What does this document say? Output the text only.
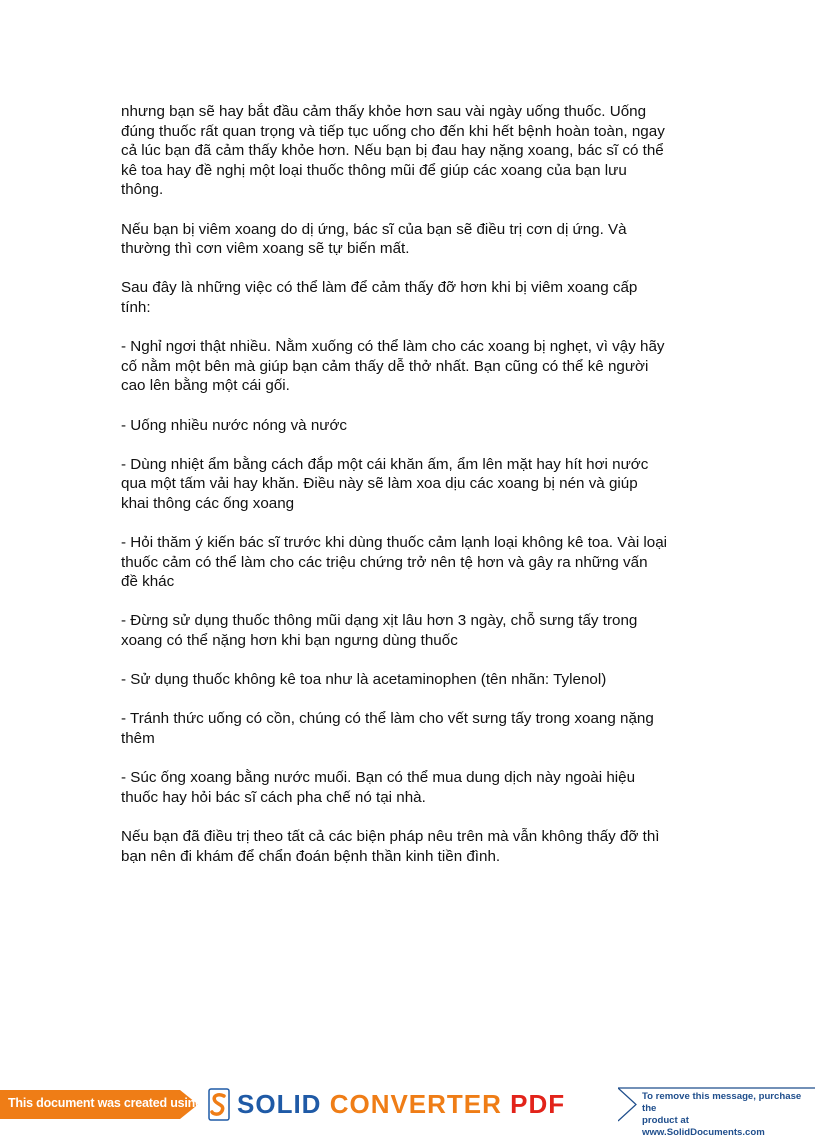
nhưng bạn sẽ hay bắt đầu cảm thấy khỏe hơn sau vài ngày uống thuốc. Uống
đúng thuốc rất quan trọng và tiếp tục uống cho đến khi hết bệnh hoàn toàn, ngay
cả lúc bạn đã cảm thấy khỏe hơn. Nếu bạn bị đau hay nặng xoang, bác sĩ có thể
kê toa hay đề nghị một loại thuốc thông mũi để giúp các xoang của bạn lưu
thông.

Nếu bạn bị viêm xoang do dị ứng, bác sĩ của bạn sẽ điều trị cơn dị ứng. Và
thường thì cơn viêm xoang sẽ tự biến mất.

Sau đây là những việc có thể làm để cảm thấy đỡ hơn khi bị viêm xoang cấp
tính:

- Nghỉ ngơi thật nhiều. Nằm xuống có thể làm cho các xoang bị nghẹt, vì vậy hãy
cố nằm một bên mà giúp bạn cảm thấy dễ thở nhất. Bạn cũng có thể kê người
cao lên bằng một cái gối.

- Uống nhiều nước nóng và nước

- Dùng nhiệt ẩm bằng cách đắp một cái khăn ấm, ẩm lên mặt hay hít hơi nước
qua một tấm vải hay khăn. Điều này sẽ làm xoa dịu các xoang bị nén và giúp
khai thông các ống xoang

- Hỏi thăm ý kiến bác sĩ trước khi dùng thuốc cảm lạnh loại không kê toa. Vài loại
thuốc cảm có thể làm cho các triệu chứng trở nên tệ hơn và gây ra những vấn
đề khác

- Đừng sử dụng thuốc thông mũi dạng xịt lâu hơn 3 ngày, chỗ sưng tấy trong
xoang có thể nặng hơn khi bạn ngưng dùng thuốc

- Sử dụng thuốc không kê toa như là acetaminophen (tên nhãn: Tylenol)

- Tránh thức uống có cồn, chúng có thể làm cho vết sưng tấy trong xoang nặng
thêm

- Súc ống xoang bằng nước muối. Bạn có thể mua dung dịch này ngoài hiệu
thuốc hay hỏi bác sĩ cách pha chế nó tại nhà.

Nếu bạn đã điều trị theo tất cả các biện pháp nêu trên mà vẫn không thấy đỡ thì
bạn nên đi khám để chẩn đoán bệnh thần kinh tiền đình.

This document was created using SOLID CONVERTER PDF	To remove this message, purchase the
product at www.SolidDocuments.com
